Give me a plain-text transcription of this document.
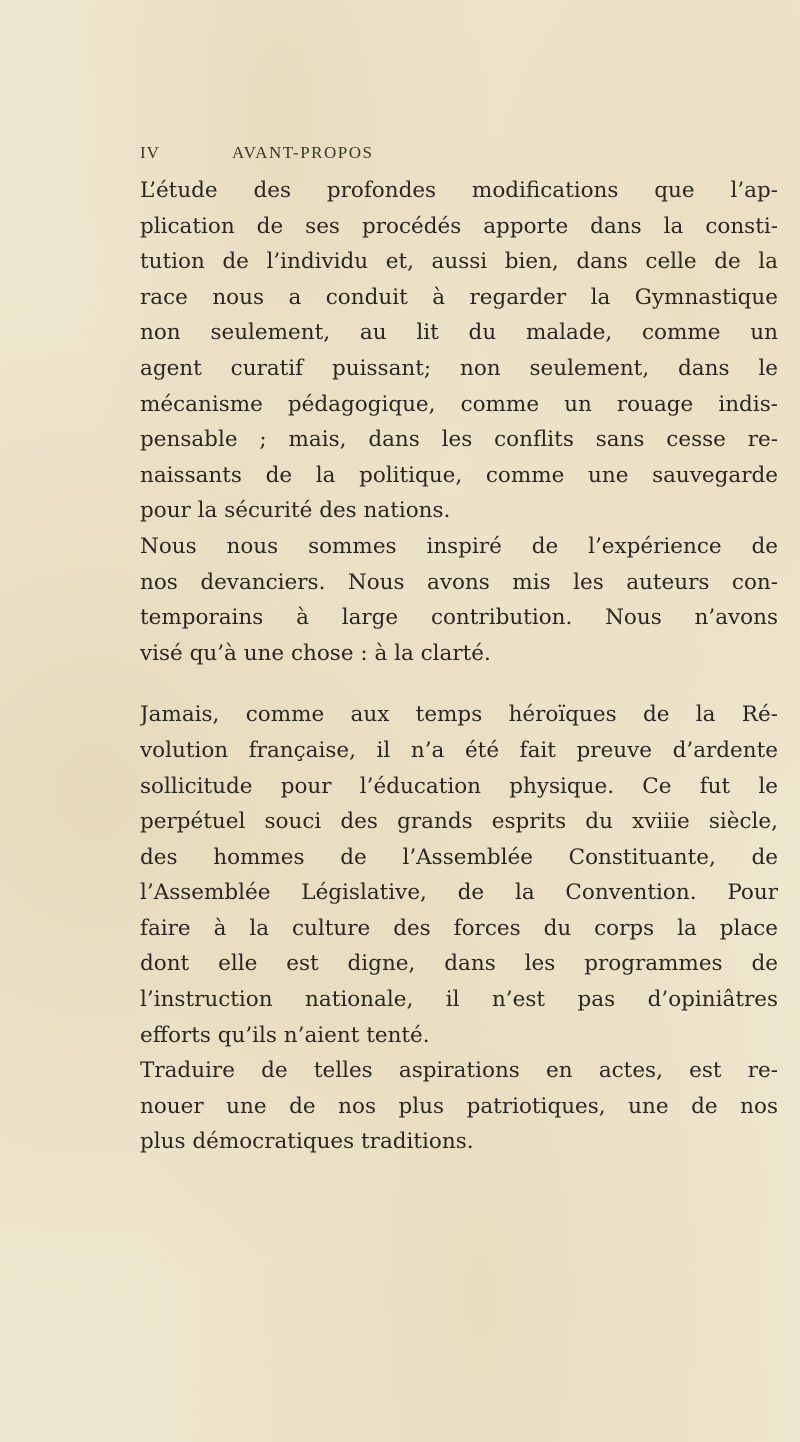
IV	AVANT-PROPOS
L’étude des profondes modifications que l’ap-
plication de ses procédés apporte dans la consti-
tution de l’individu et, aussi bien, dans celle de la
race nous a conduit à regarder la Gymnastique
non seulement, au lit du malade, comme un
agent curatif puissant; non seulement, dans le
mécanisme pédagogique, comme un rouage indis-
pensable ; mais, dans les conflits sans cesse re-
naissants de la politique, comme une sauvegarde
pour la sécurité des nations.
Nous nous sommes inspiré de l’expérience de
nos devanciers. Nous avons mis les auteurs con-
temporains à large contribution. Nous n’avons
visé qu’à une chose : à la clarté.
Jamais, comme aux temps héroïques de la Ré-
volution française, il n’a été fait preuve d’ardente
sollicitude pour l’éducation physique. Ce fut le
perpétuel souci des grands esprits du xviiie siècle,
des hommes de l’Assemblée Constituante, de
l’Assemblée Législative, de la Convention. Pour
faire à la culture des forces du corps la place
dont elle est digne, dans les programmes de
l’instruction nationale, il n’est pas d’opiniâtres
efforts qu’ils n’aient tenté.
Traduire de telles aspirations en actes, est re-
nouer une de nos plus patriotiques, une de nos
plus démocratiques traditions.
